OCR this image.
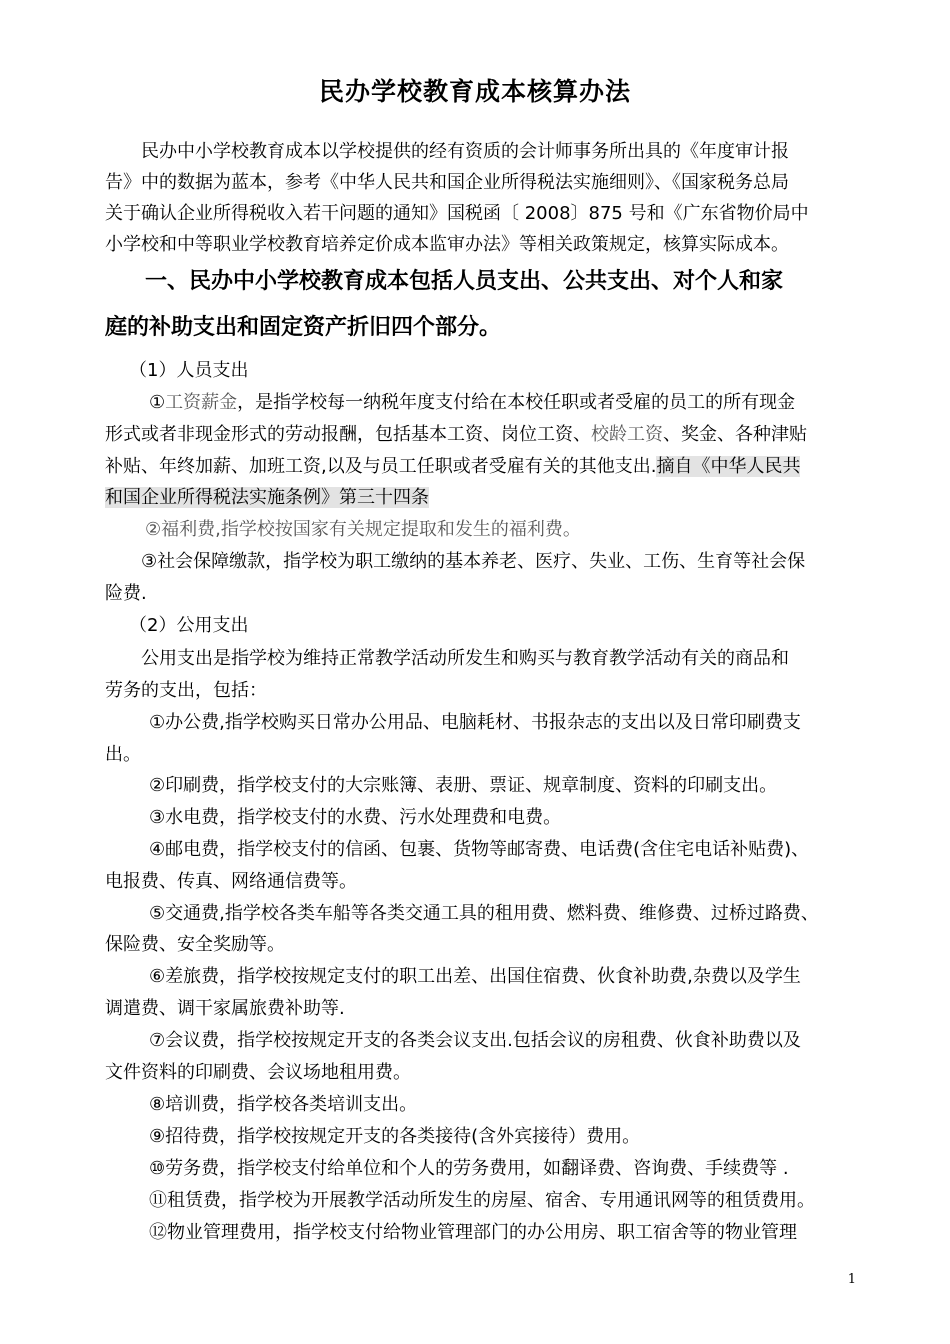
民办学校教育成本核算办法
民办中小学校教育成本以学校提供的经有资质的会计师事务所出具的《年度审计报
告》中的数据为蓝本，参考《中华人民共和国企业所得税法实施细则》、《国家税务总局
关于确认企业所得税收入若干问题的通知》国税函〔 2008〕875 号和《广东省物价局中
小学校和中等职业学校教育培养定价成本监审办法》等相关政策规定，核算实际成本。
一、民办中小学校教育成本包括人员支出、公共支出、对个人和家
庭的补助支出和固定资产折旧四个部分。
（1）人员支出
①工资薪金，是指学校每一纳税年度支付给在本校任职或者受雇的员工的所有现金
形式或者非现金形式的劳动报酬，包括基本工资、岗位工资、校龄工资、奖金、各种津贴
补贴、年终加薪、加班工资,以及与员工任职或者受雇有关的其他支出.摘自《中华人民共
和国企业所得税法实施条例》第三十四条
②福利费,指学校按国家有关规定提取和发生的福利费。
③社会保障缴款，指学校为职工缴纳的基本养老、医疗、失业、工伤、生育等社会保
险费.
（2）公用支出
公用支出是指学校为维持正常教学活动所发生和购买与教育教学活动有关的商品和
劳务的支出，包括：
①办公费,指学校购买日常办公用品、电脑耗材、书报杂志的支出以及日常印刷费支
出。
②印刷费，指学校支付的大宗账簿、表册、票证、规章制度、资料的印刷支出。
③水电费，指学校支付的水费、污水处理费和电费。
④邮电费，指学校支付的信函、包裹、货物等邮寄费、电话费(含住宅电话补贴费)、
电报费、传真、网络通信费等。
⑤交通费,指学校各类车船等各类交通工具的租用费、燃料费、维修费、过桥过路费、
保险费、安全奖励等。
⑥差旅费，指学校按规定支付的职工出差、出国住宿费、伙食补助费,杂费以及学生
调遣费、调干家属旅费补助等.
⑦会议费，指学校按规定开支的各类会议支出.包括会议的房租费、伙食补助费以及
文件资料的印刷费、会议场地租用费。
⑧培训费，指学校各类培训支出。
⑨招待费，指学校按规定开支的各类接待(含外宾接待）费用。
⑩劳务费，指学校支付给单位和个人的劳务费用，如翻译费、咨询费、手续费等 .
⑪租赁费，指学校为开展教学活动所发生的房屋、宿舍、专用通讯网等的租赁费用。
⑫物业管理费用，指学校支付给物业管理部门的办公用房、职工宿舍等的物业管理
1
